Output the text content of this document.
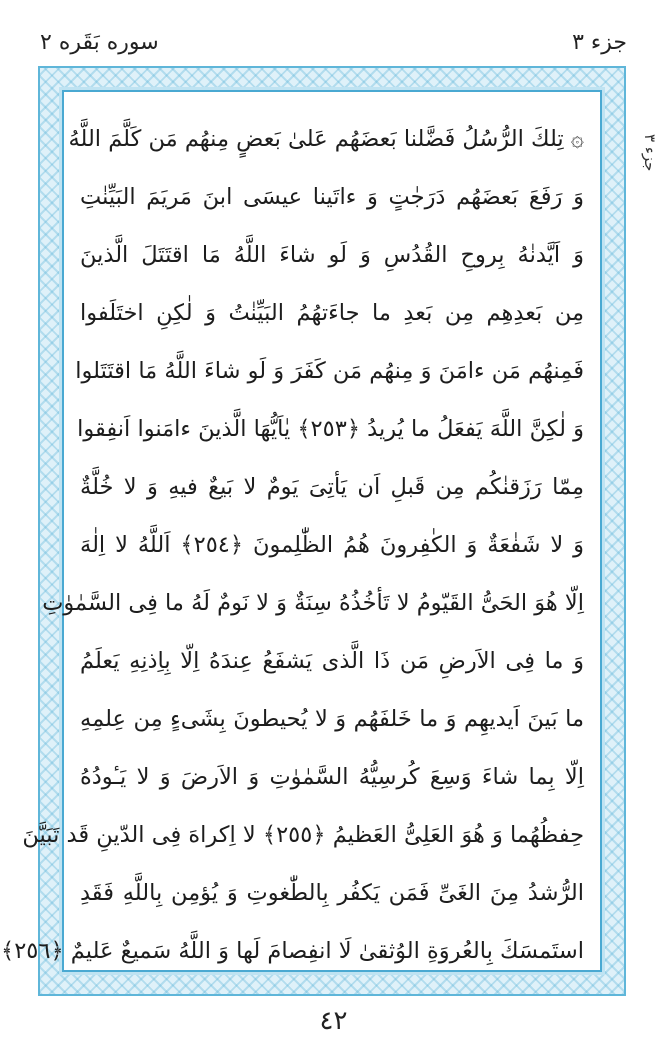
جزء ٣
سوره بَقَره ٢
جزء ٣
۞ تِلكَ الرُّسُلُ فَضَّلنا بَعضَهُم عَلىٰ بَعضٍ مِنهُم مَن كَلَّمَ اللَّهُ
وَ رَفَعَ بَعضَهُم دَرَجٰتٍ وَ ءاتَينا عيسَى ابنَ مَريَمَ البَيِّنٰتِ
وَ اَيَّدنٰهُ بِروحِ القُدُسِ وَ لَو شاءَ اللَّهُ مَا اقتَتَلَ الَّذينَ
مِن بَعدِهِم مِن بَعدِ ما جاءَتهُمُ البَيِّنٰتُ وَ لٰكِنِ اختَلَفوا
فَمِنهُم مَن ءامَنَ وَ مِنهُم مَن كَفَرَ وَ لَو شاءَ اللَّهُ مَا اقتَتَلوا
وَ لٰكِنَّ اللَّهَ يَفعَلُ ما يُريدُ ﴿٢٥٣﴾ يٰاَيُّهَا الَّذينَ ءامَنوا اَنفِقوا
مِمّا رَزَقنٰكُم مِن قَبلِ اَن يَأتِىَ يَومٌ لا بَيعٌ فيهِ وَ لا خُلَّةٌ
وَ لا شَفٰعَةٌ وَ الكٰفِرونَ هُمُ الظّٰلِمونَ ﴿٢٥٤﴾ اَللَّهُ لا اِلٰهَ
اِلّا هُوَ الحَىُّ القَيّومُ لا تَأخُذُهُ سِنَةٌ وَ لا نَومٌ لَهُ ما فِى السَّمٰوٰتِ
وَ ما فِى الاَرضِ مَن ذَا الَّذى يَشفَعُ عِندَهُ اِلّا بِاِذنِهِ يَعلَمُ
ما بَينَ اَيديهِم وَ ما خَلفَهُم وَ لا يُحيطونَ بِشَىءٍ مِن عِلمِهِ
اِلّا بِما شاءَ وَسِعَ كُرسِيُّهُ السَّمٰوٰتِ وَ الاَرضَ وَ لا يَـٔودُهُ
حِفظُهُما وَ هُوَ العَلِىُّ العَظيمُ ﴿٢٥٥﴾ لا اِكراهَ فِى الدّينِ قَد تَبَيَّنَ
الرُّشدُ مِنَ الغَىِّ فَمَن يَكفُر بِالطّٰغوتِ وَ يُؤمِن بِاللَّهِ فَقَدِ
استَمسَكَ بِالعُروَةِ الوُثقىٰ لَا انفِصامَ لَها وَ اللَّهُ سَميعٌ عَليمٌ ﴿٢٥٦﴾
٤٢
